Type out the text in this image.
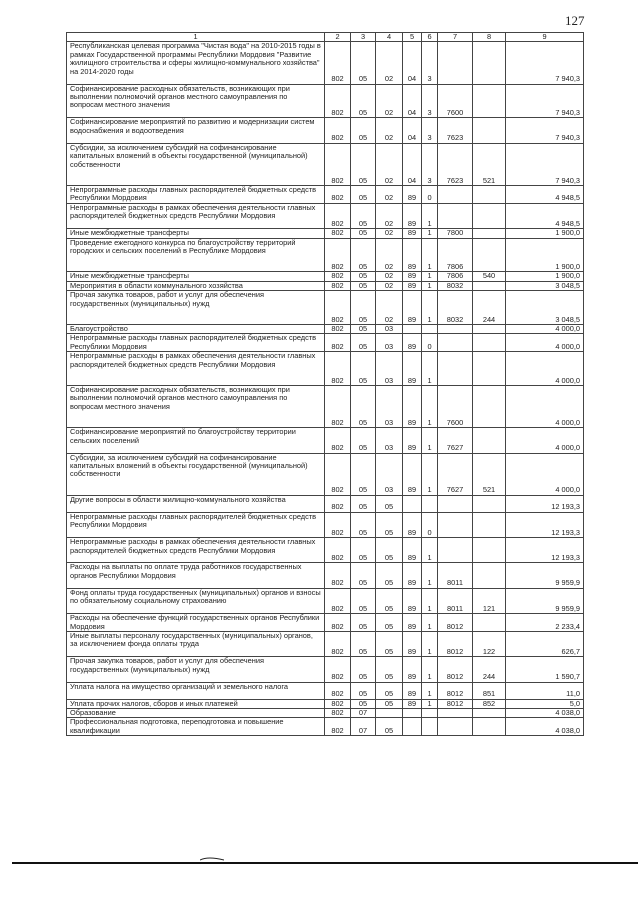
127
1	2	3	4	5	6	7	8	9
Республиканская целевая программа "Чистая вода" на 2010-2015 годы в рамках Государственной программы Республики Мордовия "Развитие жилищного строительства и сферы жилищно-коммунального хозяйства" на 2014-2020 годы	802	05	02	04	3			7 940,3
Софинансирование расходных обязательств, возникающих при выполнении полномочий органов местного самоуправления по вопросам местного значения	802	05	02	04	3	7600		7 940,3
Софинансирование мероприятий по развитию и модернизации систем водоснабжения и водоотведения	802	05	02	04	3	7623		7 940,3
Субсидии, за исключением субсидий на софинансирование капитальных вложений в объекты государственной (муниципальной) собственности	802	05	02	04	3	7623	521	7 940,3
Непрограммные расходы главных распорядителей бюджетных средств Республики Мордовия	802	05	02	89	0			4 948,5
Непрограммные расходы в рамках обеспечения деятельности главных распорядителей бюджетных средств Республики Мордовия	802	05	02	89	1			4 948,5
Иные межбюджетные трансферты	802	05	02	89	1	7800		1 900,0
Проведение ежегодного конкурса по благоустройству территорий городских и сельских поселений в Республике Мордовия	802	05	02	89	1	7806		1 900,0
Иные межбюджетные трансферты	802	05	02	89	1	7806	540	1 900,0
Мероприятия в области коммунального хозяйства	802	05	02	89	1	8032		3 048,5
Прочая закупка товаров, работ и услуг для обеспечения государственных (муниципальных) нужд	802	05	02	89	1	8032	244	3 048,5
Благоустройство	802	05	03					4 000,0
Непрограммные расходы главных распорядителей бюджетных средств Республики Мордовия	802	05	03	89	0			4 000,0
Непрограммные расходы в рамках обеспечения деятельности главных распорядителей бюджетных средств Республики Мордовия	802	05	03	89	1			4 000,0
Софинансирование расходных обязательств, возникающих при выполнении полномочий органов местного самоуправления по вопросам местного значения	802	05	03	89	1	7600		4 000,0
Софинансирование мероприятий по благоустройству территории сельских поселений	802	05	03	89	1	7627		4 000,0
Субсидии, за исключением субсидий на софинансирование капитальных вложений в объекты государственной (муниципальной) собственности	802	05	03	89	1	7627	521	4 000,0
Другие вопросы в области жилищно-коммунального хозяйства	802	05	05					12 193,3
Непрограммные расходы главных распорядителей бюджетных средств Республики Мордовия	802	05	05	89	0			12 193,3
Непрограммные расходы в рамках обеспечения деятельности главных распорядителей бюджетных средств Республики Мордовия	802	05	05	89	1			12 193,3
Расходы на выплаты по оплате труда работников государственных органов Республики Мордовия	802	05	05	89	1	8011		9 959,9
Фонд оплаты труда государственных (муниципальных) органов и взносы по обязательному социальному страхованию	802	05	05	89	1	8011	121	9 959,9
Расходы на обеспечение функций государственных органов Республики Мордовия	802	05	05	89	1	8012		2 233,4
Иные выплаты персоналу государственных (муниципальных) органов, за исключением фонда оплаты труда	802	05	05	89	1	8012	122	626,7
Прочая закупка товаров, работ и услуг для обеспечения государственных (муниципальных) нужд	802	05	05	89	1	8012	244	1 590,7
Уплата налога на имущество организаций и земельного налога	802	05	05	89	1	8012	851	11,0
Уплата прочих налогов, сборов и иных платежей	802	05	05	89	1	8012	852	5,0
Образование	802	07						4 038,0
Профессиональная подготовка, переподготовка и повышение квалификации	802	07	05					4 038,0
